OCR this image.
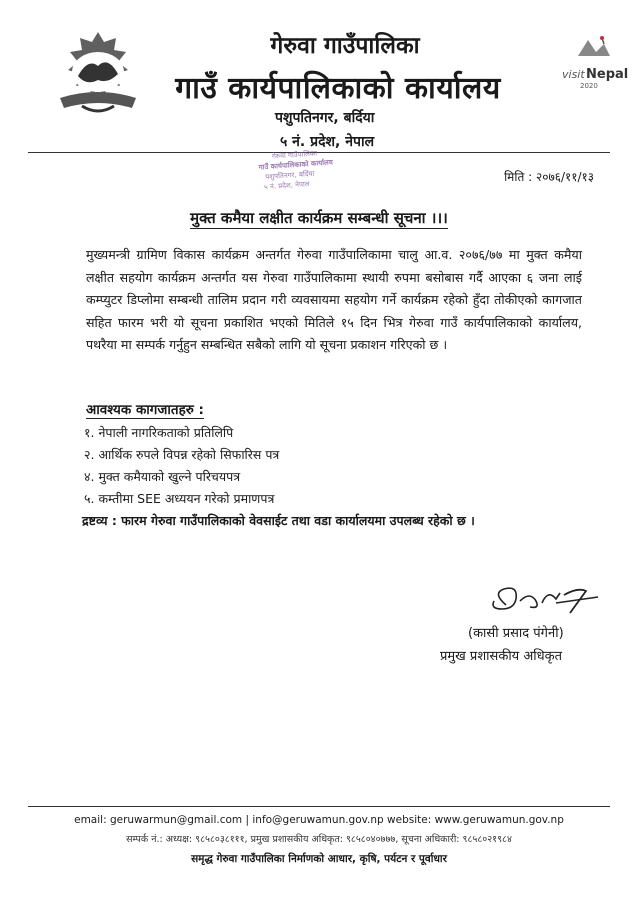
visit Nepal
2020
गेरुवा गाउँपालिका
गाउँ कार्यपालिकाको कार्यालय
पशुपतिनगर, बर्दिया
५ नं. प्रदेश, नेपाल
गेरुवा गाउँपालिका
गाउँ कार्यपालिकाको कार्यालय
पशुपतिनगर, बर्दिया
५ नं. प्रदेश, नेपाल
मिति : २०७६/११/१३
मुक्त कमैया लक्षीत कार्यक्रम सम्बन्धी सूचना ।।।
मुख्यमन्त्री ग्रामिण विकास कार्यक्रम अन्तर्गत गेरुवा गाउँपालिकामा चालु आ.व. २०७६/७७ मा मुक्त कमैया लक्षीत सहयोग कार्यक्रम अन्तर्गत यस गेरुवा गाउँपालिकामा स्थायी रुपमा बसोबास गर्दै आएका ६ जना लाई कम्प्युटर डिप्लोमा सम्बन्धी तालिम प्रदान गरी व्यवसायमा सहयोग गर्ने कार्यक्रम रहेको हुँदा तोकीएको कागजात सहित फारम भरी यो सूचना प्रकाशित भएको मितिले १५ दिन भित्र गेरुवा गाउँ कार्यपालिकाको कार्यालय, पथरैया मा सम्पर्क गर्नुहुन सम्बन्धित सबैको लागि यो सूचना प्रकाशन गरिएको छ ।
आवश्यक कागजातहरु :
१. नेपाली नागरिकताको प्रतिलिपि
२. आर्थिक रुपले विपन्न रहेको सिफारिस पत्र
४. मुक्त कमैयाको खुल्ने परिचयपत्र
५. कम्तीमा SEE अध्ययन गरेको प्रमाणपत्र
द्रष्टव्य : फारम गेरुवा गाउँपालिकाको वेवसाईट तथा वडा कार्यालयमा उपलब्ध रहेको छ ।
(कासी प्रसाद पंगेनी)
प्रमुख प्रशासकीय अधिकृत
email: geruwarmun@gmail.com | info@geruwamun.gov.np website: www.geruwamun.gov.np
सम्पर्क नं.: अध्यक्ष: ९८५८०३८१११, प्रमुख प्रशासकीय अधिकृत: ९८५८०४०७७७, सूचना अधिकारी: ९८५८०२१९८४
समृद्ध गेरुवा गाउँपालिका निर्माणको आधार, कृषि, पर्यटन र पूर्वाधार
